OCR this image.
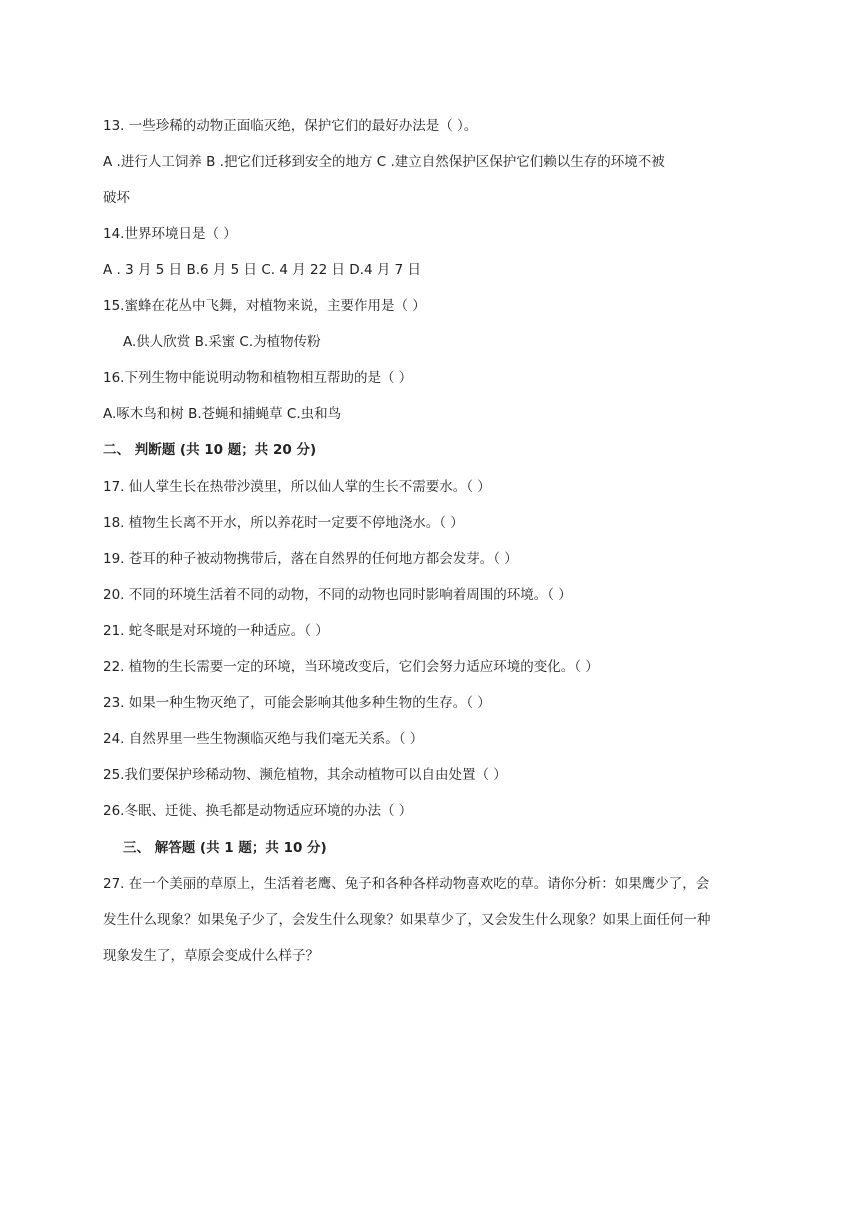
13. 一些珍稀的动物正面临灭绝，保护它们的最好办法是（ ）。
A .进行人工饲养 B .把它们迁移到安全的地方 C .建立自然保护区保护它们赖以生存的环境不被
破坏
14.世界环境日是（ ）
A . 3 月 5 日 B.6 月 5 日 C. 4 月 22 日 D.4 月 7 日
15.蜜蜂在花丛中飞舞，对植物来说，主要作用是（ ）
A.供人欣赏 B.采蜜 C.为植物传粉
16.下列生物中能说明动物和植物相互帮助的是（ ）
A.啄木鸟和树 B.苍蝇和捕蝇草 C.虫和鸟
二、 判断题 (共 10 题；共 20 分)
17. 仙人掌生长在热带沙漠里，所以仙人掌的生长不需要水。（ ）
18. 植物生长离不开水，所以养花时一定要不停地浇水。（ ）
19. 苍耳的种子被动物携带后，落在自然界的任何地方都会发芽。（ ）
20. 不同的环境生活着不同的动物，不同的动物也同时影响着周围的环境。（ ）
21. 蛇冬眠是对环境的一种适应。（ ）
22. 植物的生长需要一定的环境，当环境改变后，它们会努力适应环境的变化。（ ）
23. 如果一种生物灭绝了，可能会影响其他多种生物的生存。（ ）
24. 自然界里一些生物濒临灭绝与我们毫无关系。（ ）
25.我们要保护珍稀动物、濒危植物，其余动植物可以自由处置（ ）
26.冬眠、迁徙、换毛都是动物适应环境的办法（ ）
三、 解答题 (共 1 题；共 10 分)
27. 在一个美丽的草原上，生活着老鹰、兔子和各种各样动物喜欢吃的草。请你分析：如果鹰少了，会
发生什么现象？如果兔子少了，会发生什么现象？如果草少了，又会发生什么现象？如果上面任何一种
现象发生了，草原会变成什么样子？
